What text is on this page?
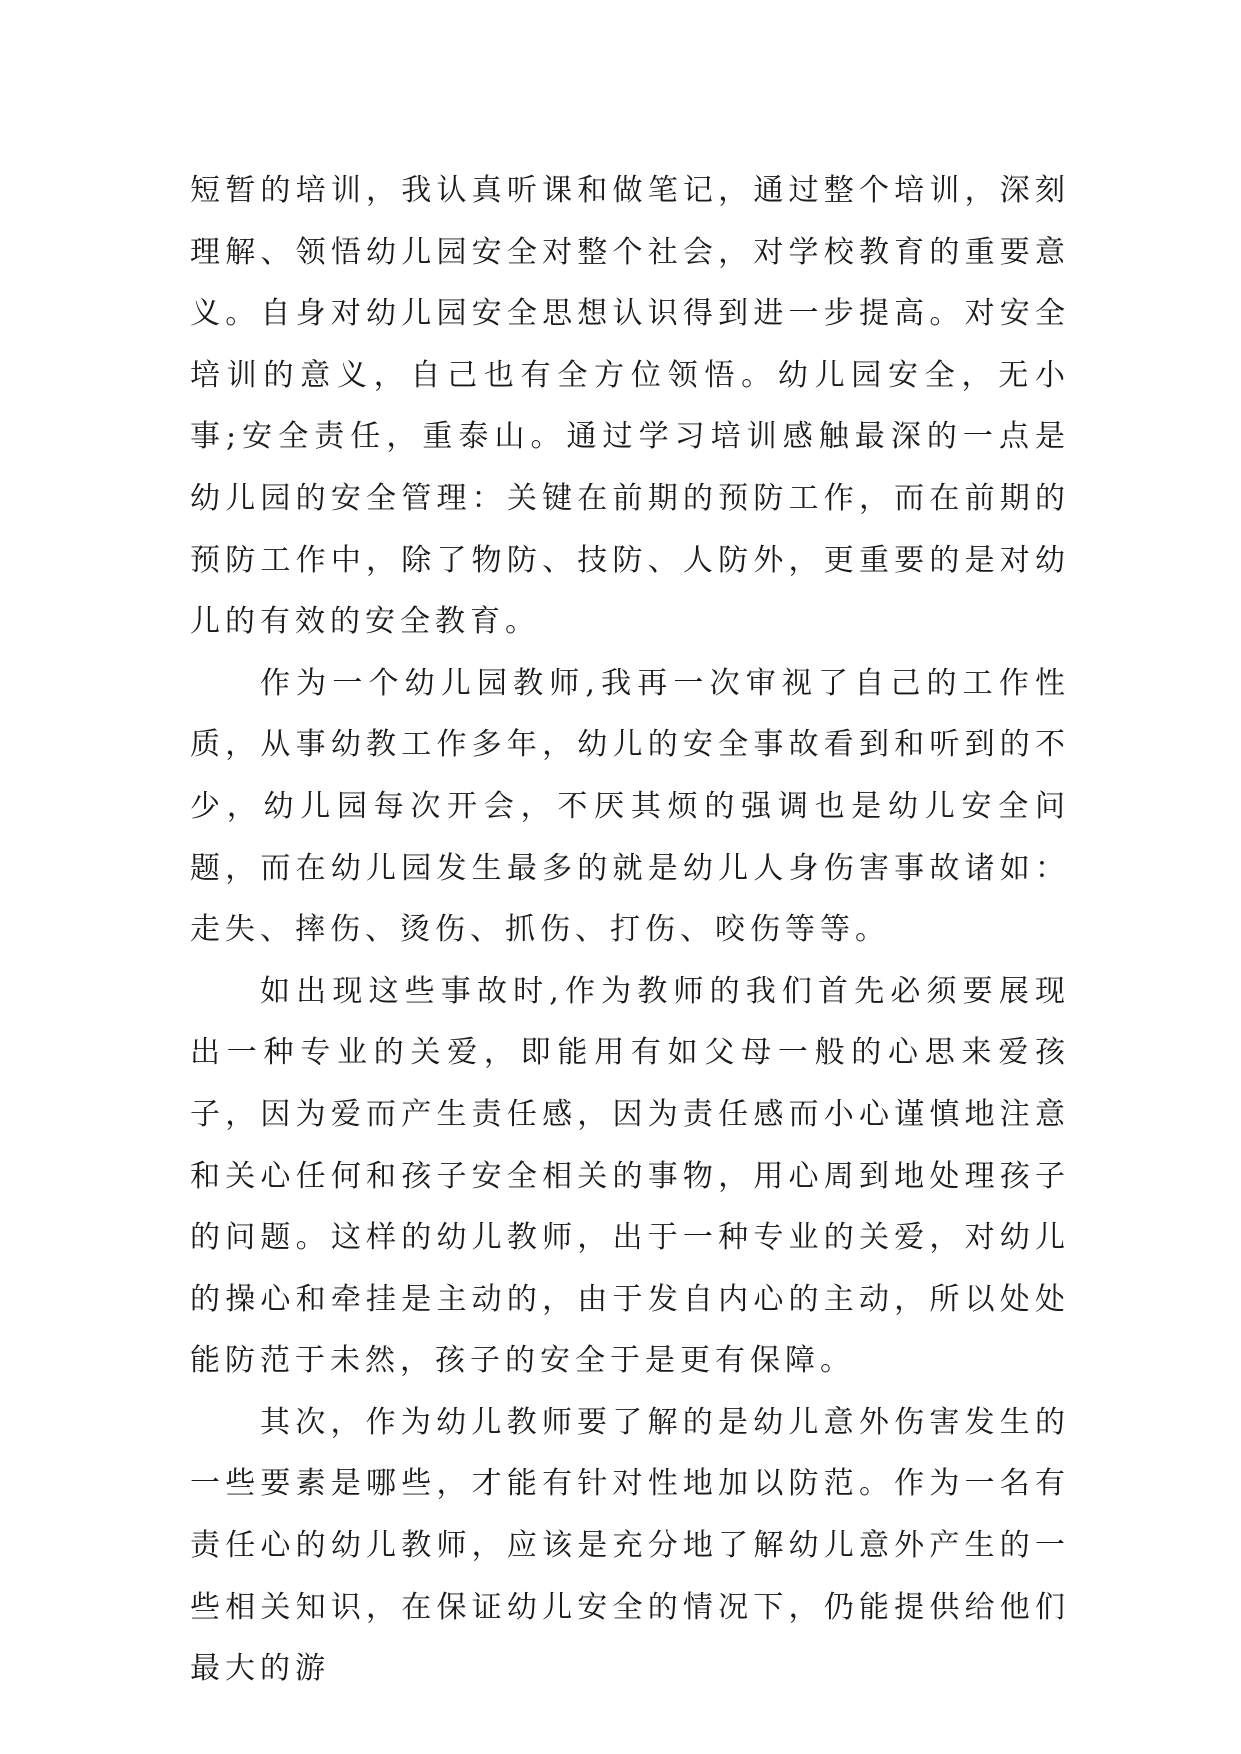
短暂的培训，我认真听课和做笔记，通过整个培训，深刻理解、领悟幼儿园安全对整个社会，对学校教育的重要意义。自身对幼儿园安全思想认识得到进一步提高。对安全培训的意义，自己也有全方位领悟。幼儿园安全，无小事;安全责任，重泰山。通过学习培训感触最深的一点是幼儿园的安全管理：关键在前期的预防工作，而在前期的预防工作中，除了物防、技防、人防外，更重要的是对幼儿的有效的安全教育。

作为一个幼儿园教师,我再一次审视了自己的工作性质，从事幼教工作多年，幼儿的安全事故看到和听到的不少，幼儿园每次开会，不厌其烦的强调也是幼儿安全问题，而在幼儿园发生最多的就是幼儿人身伤害事故诸如：走失、摔伤、烫伤、抓伤、打伤、咬伤等等。

如出现这些事故时,作为教师的我们首先必须要展现出一种专业的关爱，即能用有如父母一般的心思来爱孩子，因为爱而产生责任感，因为责任感而小心谨慎地注意和关心任何和孩子安全相关的事物，用心周到地处理孩子的问题。这样的幼儿教师，出于一种专业的关爱，对幼儿的操心和牵挂是主动的，由于发自内心的主动，所以处处能防范于未然，孩子的安全于是更有保障。

其次，作为幼儿教师要了解的是幼儿意外伤害发生的一些要素是哪些，才能有针对性地加以防范。作为一名有责任心的幼儿教师，应该是充分地了解幼儿意外产生的一些相关知识，在保证幼儿安全的情况下，仍能提供给他们最大的游
